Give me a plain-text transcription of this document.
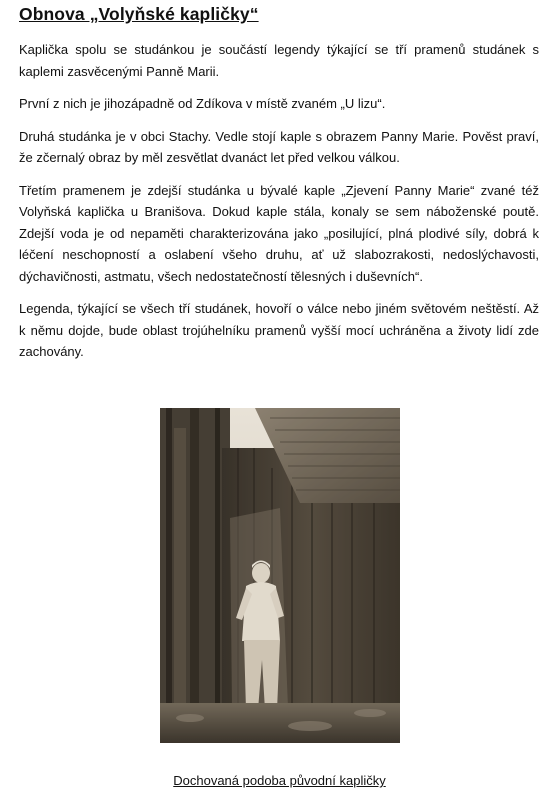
Obnova „Volyňské kapličky“

Kaplička spolu se studánkou je součástí legendy týkající se tří pramenů studánek s kaplemi zasvěcenými Panně Marii.

První z nich je jihozápadně od Zdíkova v místě zvaném „U lizu“.

Druhá studánka je v obci Stachy. Vedle stojí kaple s obrazem Panny Marie. Pověst praví, že zčernalý obraz by měl zesvětlat dvanáct let před velkou válkou.

Třetím pramenem je zdejší studánka u bývalé kaple „Zjevení Panny Marie“ zvané též Volyňská kaplička u Branišova. Dokud kaple stála, konaly se sem náboženské poutě. Zdejší voda je od nepaměti charakterizována jako „posilující, plná plodivé síly, dobrá k léčení neschopností a oslabení všeho druhu, ať už slabozrakosti, nedoslýchavosti, dýchavičnosti, astmatu, všech nedostatečností tělesných i duševních“.

Legenda, týkající se všech tří studánek, hovoří o válce nebo jiném světovém neštěstí. Až k němu dojde, bude oblast trojúhelníku pramenů vyšší mocí uchráněna a životy lidí zde zachovány.

Dochovaná podoba původní kapličky
